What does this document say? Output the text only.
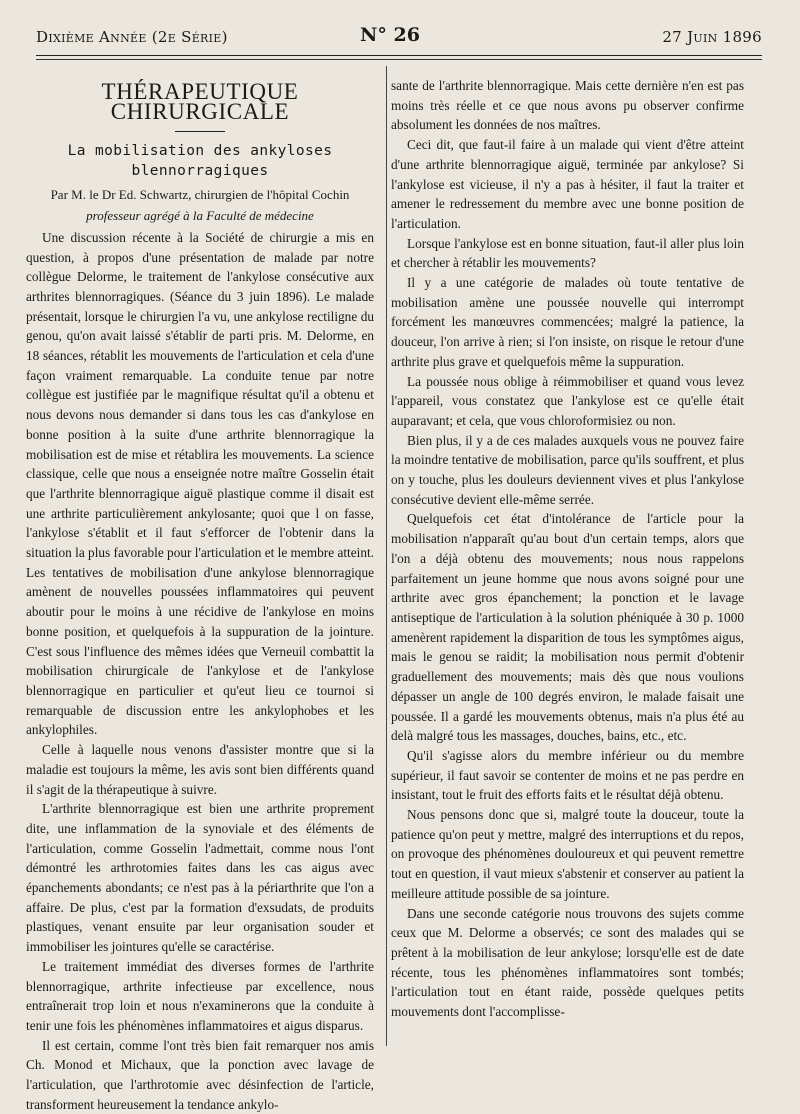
Dixième Année (2e Série)	N° 26	27 Juin 1896
THÉRAPEUTIQUE CHIRURGICALE
La mobilisation des ankyloses blennorragiques
Par M. le Dr Ed. Schwartz, chirurgien de l'hôpital Cochin
professeur agrégé à la Faculté de médecine

Une discussion récente à la Société de chirurgie a mis en question, à propos d'une présentation de malade par notre collègue Delorme, le traitement de l'ankylose consécutive aux arthrites blennorragiques. (Séance du 3 juin 1896). Le malade présentait, lorsque le chirurgien l'a vu, une ankylose rectiligne du genou, qu'on avait laissé s'établir de parti pris. M. Delorme, en 18 séances, rétablit les mouvements de l'articulation et cela d'une façon vraiment remarquable. La conduite tenue par notre collègue est justifiée par le magnifique résultat qu'il a obtenu et nous devons nous demander si dans tous les cas d'ankylose en bonne position à la suite d'une arthrite blennorragique la mobilisation est de mise et rétablira les mouvements. La science classique, celle que nous a enseignée notre maître Gosselin était que l'arthrite blennorragique aiguë plastique comme il disait est une arthrite particulièrement ankylosante; quoi que l on fasse, l'ankylose s'établit et il faut s'efforcer de l'obtenir dans la situation la plus favorable pour l'articulation et le membre atteint. Les tentatives de mobilisation d'une ankylose blennorragique amènent de nouvelles poussées inflammatoires qui peuvent aboutir pour le moins à une récidive de l'ankylose en moins bonne position, et quelquefois à la suppuration de la jointure. C'est sous l'influence des mêmes idées que Verneuil combattit la mobilisation chirurgicale de l'ankylose et de l'ankylose blennorragique en particulier et qu'eut lieu ce tournoi si remarquable de discussion entre les ankylophobes et les ankylophiles.

Celle à laquelle nous venons d'assister montre que si la maladie est toujours la même, les avis sont bien différents quand il s'agit de la thérapeutique à suivre.

L'arthrite blennorragique est bien une arthrite proprement dite, une inflammation de la synoviale et des éléments de l'articulation, comme Gosselin l'admettait, comme nous l'ont démontré les arthrotomies faites dans les cas aigus avec épanchements abondants; ce n'est pas à la périarthrite que l'on a affaire. De plus, c'est par la formation d'exsudats, de produits plastiques, venant ensuite par leur organisation souder et immobiliser les jointures qu'elle se caractérise.

Le traitement immédiat des diverses formes de l'arthrite blennorragique, arthrite infectieuse par excellence, nous entraînerait trop loin et nous n'examinerons que la conduite à tenir une fois les phénomènes inflammatoires et aigus disparus.

Il est certain, comme l'ont très bien fait remarquer nos amis Ch. Monod et Michaux, que la ponction avec lavage de l'articulation, que l'arthrotomie avec désinfection de l'article, transforment heureusement la tendance ankylo-

sante de l'arthrite blennorragique. Mais cette dernière n'en est pas moins très réelle et ce que nous avons pu observer confirme absolument les données de nos maîtres.

Ceci dit, que faut-il faire à un malade qui vient d'être atteint d'une arthrite blennorragique aiguë, terminée par ankylose? Si l'ankylose est vicieuse, il n'y a pas à hésiter, il faut la traiter et amener le redressement du membre avec une bonne position de l'articulation.

Lorsque l'ankylose est en bonne situation, faut-il aller plus loin et chercher à rétablir les mouvements?

Il y a une catégorie de malades où toute tentative de mobilisation amène une poussée nouvelle qui interrompt forcément les manœuvres commencées; malgré la patience, la douceur, l'on arrive à rien; si l'on insiste, on risque le retour d'une arthrite plus grave et quelquefois même la suppuration.

La poussée nous oblige à réimmobiliser et quand vous levez l'appareil, vous constatez que l'ankylose est ce qu'elle était auparavant; et cela, que vous chloroformisiez ou non.

Bien plus, il y a de ces malades auxquels vous ne pouvez faire la moindre tentative de mobilisation, parce qu'ils souffrent, et plus on y touche, plus les douleurs deviennent vives et plus l'ankylose consécutive devient elle-même serrée.

Quelquefois cet état d'intolérance de l'article pour la mobilisation n'apparaît qu'au bout d'un certain temps, alors que l'on a déjà obtenu des mouvements; nous nous rappelons parfaitement un jeune homme que nous avons soigné pour une arthrite avec gros épanchement; la ponction et le lavage antiseptique de l'articulation à la solution phéniquée à 30 p. 1000 amenèrent rapidement la disparition de tous les symptômes aigus, mais le genou se raidit; la mobilisation nous permit d'obtenir graduellement des mouvements; mais dès que nous voulions dépasser un angle de 100 degrés environ, le malade faisait une poussée. Il a gardé les mouvements obtenus, mais n'a plus été au delà malgré tous les massages, douches, bains, etc., etc.

Qu'il s'agisse alors du membre inférieur ou du membre supérieur, il faut savoir se contenter de moins et ne pas perdre en insistant, tout le fruit des efforts faits et le résultat déjà obtenu.

Nous pensons donc que si, malgré toute la douceur, toute la patience qu'on peut y mettre, malgré des interruptions et du repos, on provoque des phénomènes douloureux et qui peuvent remettre tout en question, il vaut mieux s'abstenir et conserver au patient la meilleure attitude possible de sa jointure.

Dans une seconde catégorie nous trouvons des sujets comme ceux que M. Delorme a observés; ce sont des malades qui se prêtent à la mobilisation de leur ankylose; lorsqu'elle est de date récente, tous les phénomènes inflammatoires sont tombés; l'articulation tout en étant raide, possède quelques petits mouvements dont l'accomplisse-
